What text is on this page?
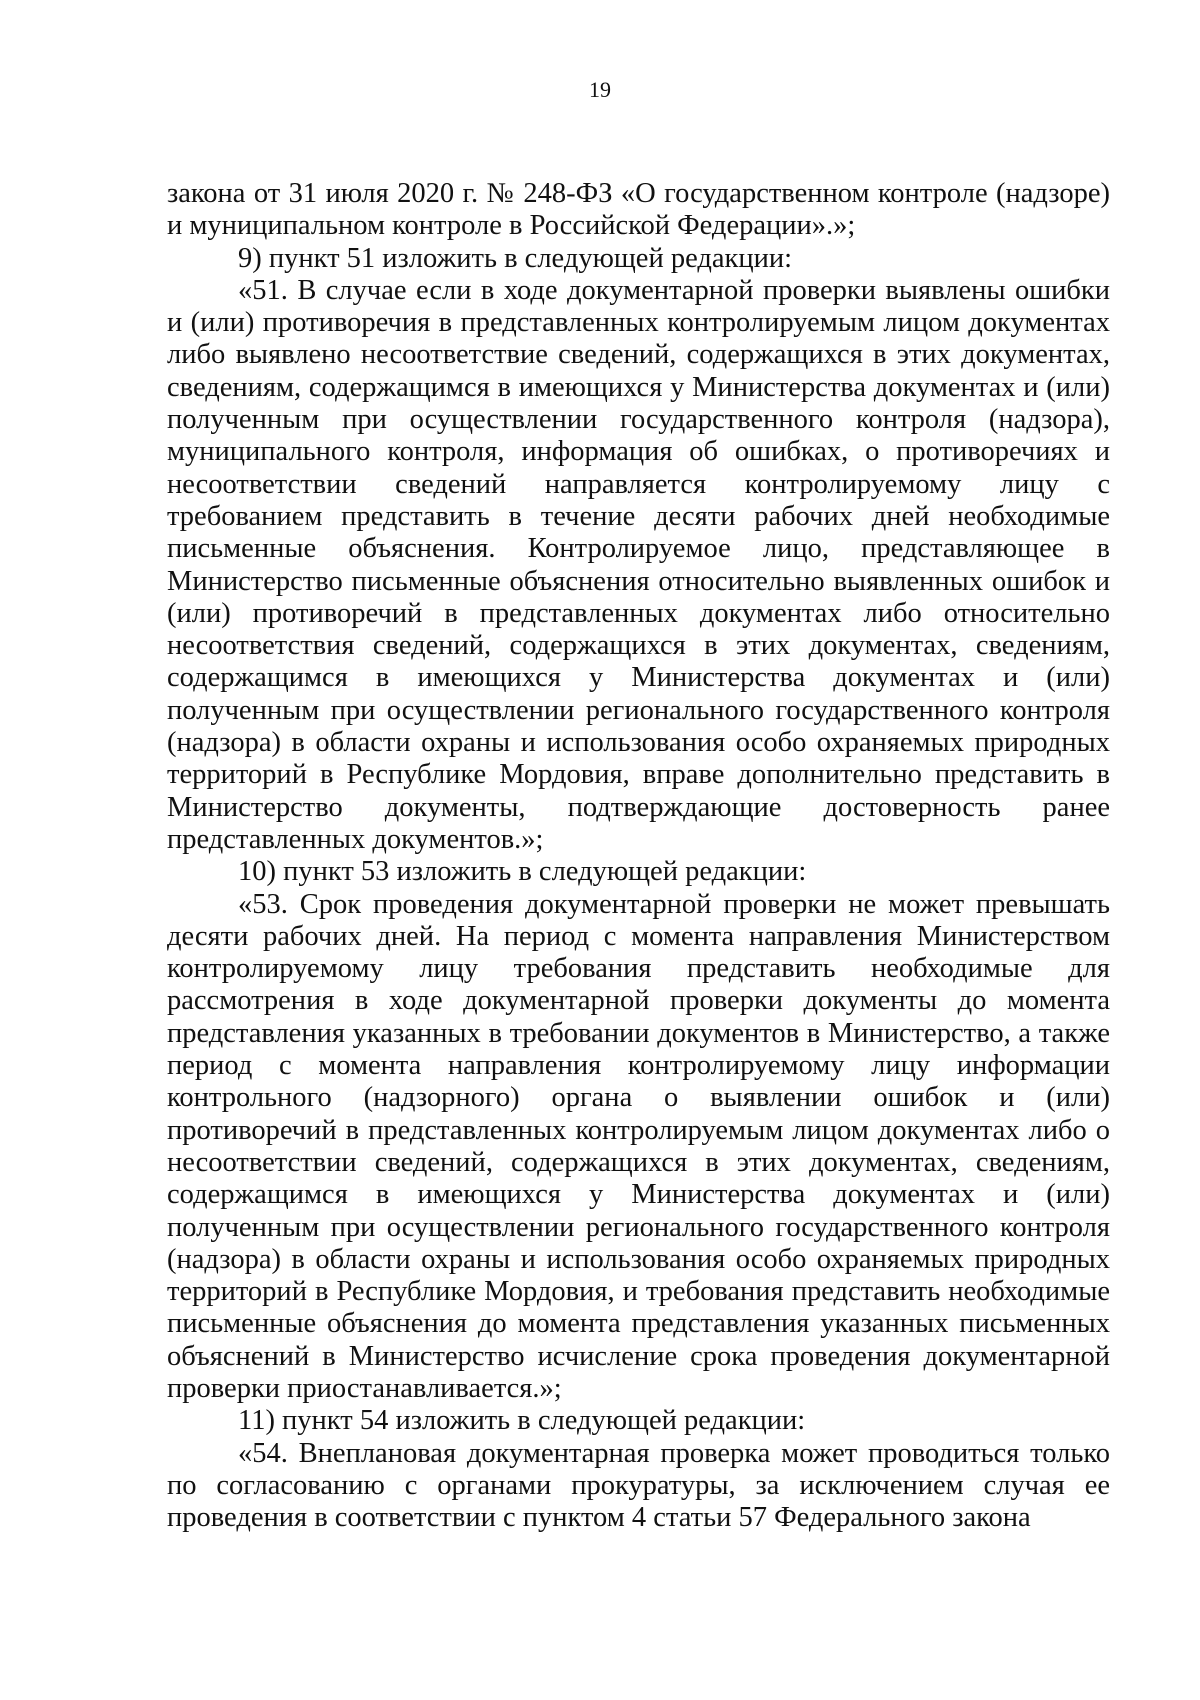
19

закона от 31 июля 2020 г. № 248-ФЗ «О государственном контроле (надзоре) и муниципальном контроле в Российской Федерации».»;

9) пункт 51 изложить в следующей редакции:

«51. В случае если в ходе документарной проверки выявлены ошибки и (или) противоречия в представленных контролируемым лицом документах либо выявлено несоответствие сведений, содержащихся в этих документах, сведениям, содержащимся в имеющихся у Министерства документах и (или) полученным при осуществлении государственного контроля (надзора), муниципального контроля, информация об ошибках, о противоречиях и несоответствии сведений направляется контролируемому лицу с требованием представить в течение десяти рабочих дней необходимые письменные объяснения. Контролируемое лицо, представляющее в Министерство письменные объяснения относительно выявленных ошибок и (или) противоречий в представленных документах либо относительно несоответствия сведений, содержащихся в этих документах, сведениям, содержащимся в имеющихся у Министерства документах и (или) полученным при осуществлении регионального государственного контроля (надзора) в области охраны и использования особо охраняемых природных территорий в Республике Мордовия, вправе дополнительно представить в Министерство документы, подтверждающие достоверность ранее представленных документов.»;

10) пункт 53 изложить в следующей редакции:

«53. Срок проведения документарной проверки не может превышать десяти рабочих дней. На период с момента направления Министерством контролируемому лицу требования представить необходимые для рассмотрения в ходе документарной проверки документы до момента представления указанных в требовании документов в Министерство, а также период с момента направления контролируемому лицу информации контрольного (надзорного) органа о выявлении ошибок и (или) противоречий в представленных контролируемым лицом документах либо о несоответствии сведений, содержащихся в этих документах, сведениям, содержащимся в имеющихся у Министерства документах и (или) полученным при осуществлении регионального государственного контроля (надзора) в области охраны и использования особо охраняемых природных территорий в Республике Мордовия, и требования представить необходимые письменные объяснения до момента представления указанных письменных объяснений в Министерство исчисление срока проведения документарной проверки приостанавливается.»;

11) пункт 54 изложить в следующей редакции:

«54. Внеплановая документарная проверка может проводиться только по согласованию с органами прокуратуры, за исключением случая ее проведения в соответствии с пунктом 4 статьи 57 Федерального закона
